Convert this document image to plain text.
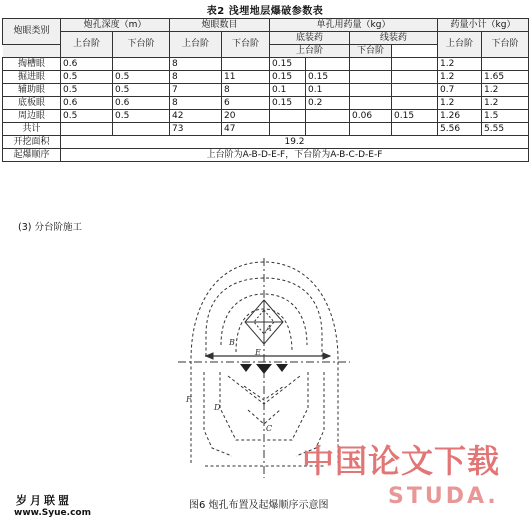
表2 浅埋地层爆破参数表
炮眼类别	炮孔深度（m）		炮眼数目		单孔用药量（kg）				药量小计（kg）	
	上台阶	下台阶	上台阶	下台阶	底装药		线装药		上台阶	下台阶
					上台阶		下台阶			
掏槽眼	0.6		8		0.15				1.2	
掘进眼	0.5	0.5	8	11	0.15	0.15			1.2	1.65
辅助眼	0.5	0.5	7	8	0.1	0.1			0.7	1.2
底板眼	0.6	0.6	8	6	0.15	0.2			1.2	1.2
周边眼	0.5	0.5	42	20			0.06	0.15	1.26	1.5
共计			73	47					5.56	5.55
开挖面积	19.2									
起爆顺序	上台阶为A-B-D-E-F，下台阶为A-B-C-D-E-F									
(3) 分台阶施工
A
B
C
D
E
F
中国论文下载
STUDA.
岁月联盟
www.Syue.com
图6 炮孔布置及起爆顺序示意图
